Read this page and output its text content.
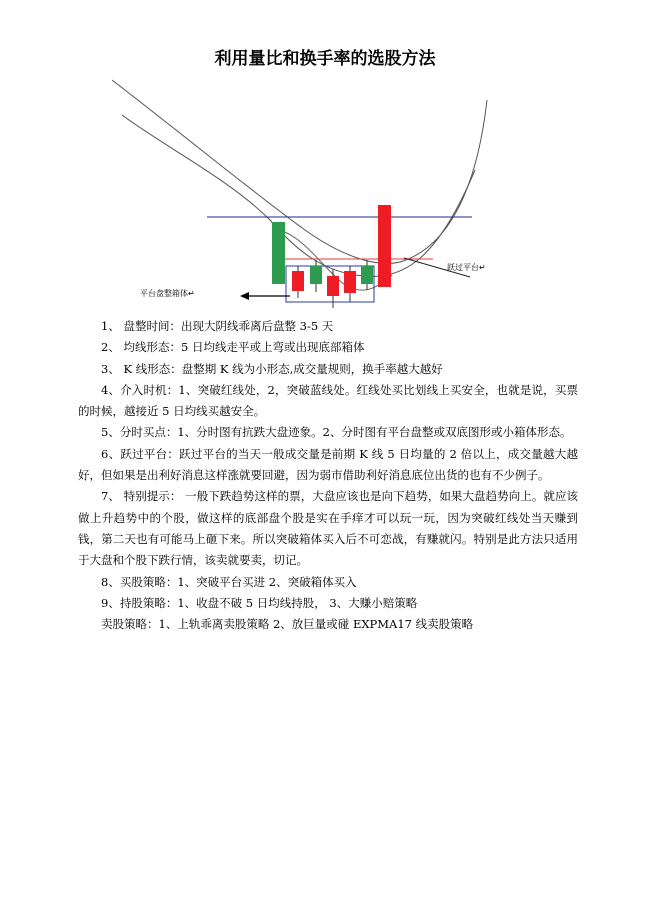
利用量比和换手率的选股方法
跃过平台↵
平台盘整箱体↵

1、 盘整时间：出现大阴线乖离后盘整 3-5 天

2、 均线形态：5 日均线走平或上弯或出现底部箱体

3、 K 线形态：盘整期 K 线为小形态,成交量规则，换手率越大越好

4、介入时机：1、突破红线处，2，突破蓝线处。红线处买比划线上买安全，也就是说，买票的时候，越接近 5 日均线买越安全。

5、分时买点：1、分时图有抗跌大盘迹象。2、分时图有平台盘整或双底图形或小箱体形态。

6、跃过平台：跃过平台的当天一般成交量是前期 K 线 5 日均量的 2 倍以上，成交量越大越好，但如果是出利好消息这样涨就要回避，因为弱市借助利好消息底位出货的也有不少例子。

7、 特别提示： 一般下跌趋势这样的票，大盘应该也是向下趋势，如果大盘趋势向上。就应该做上升趋势中的个股，做这样的底部盘个股是实在手痒才可以玩一玩，因为突破红线处当天赚到钱，第二天也有可能马上砸下来。所以突破箱体买入后不可恋战，有赚就闪。特别是此方法只适用于大盘和个股下跌行情，该卖就要卖，切记。

8、买股策略：1、突破平台买进 2、突破箱体买入

9、持股策略：1、收盘不破 5 日均线持股， 3、大赚小赔策略

卖股策略：1、上轨乖离卖股策略 2、放巨量或碰 EXPMA17 线卖股策略
